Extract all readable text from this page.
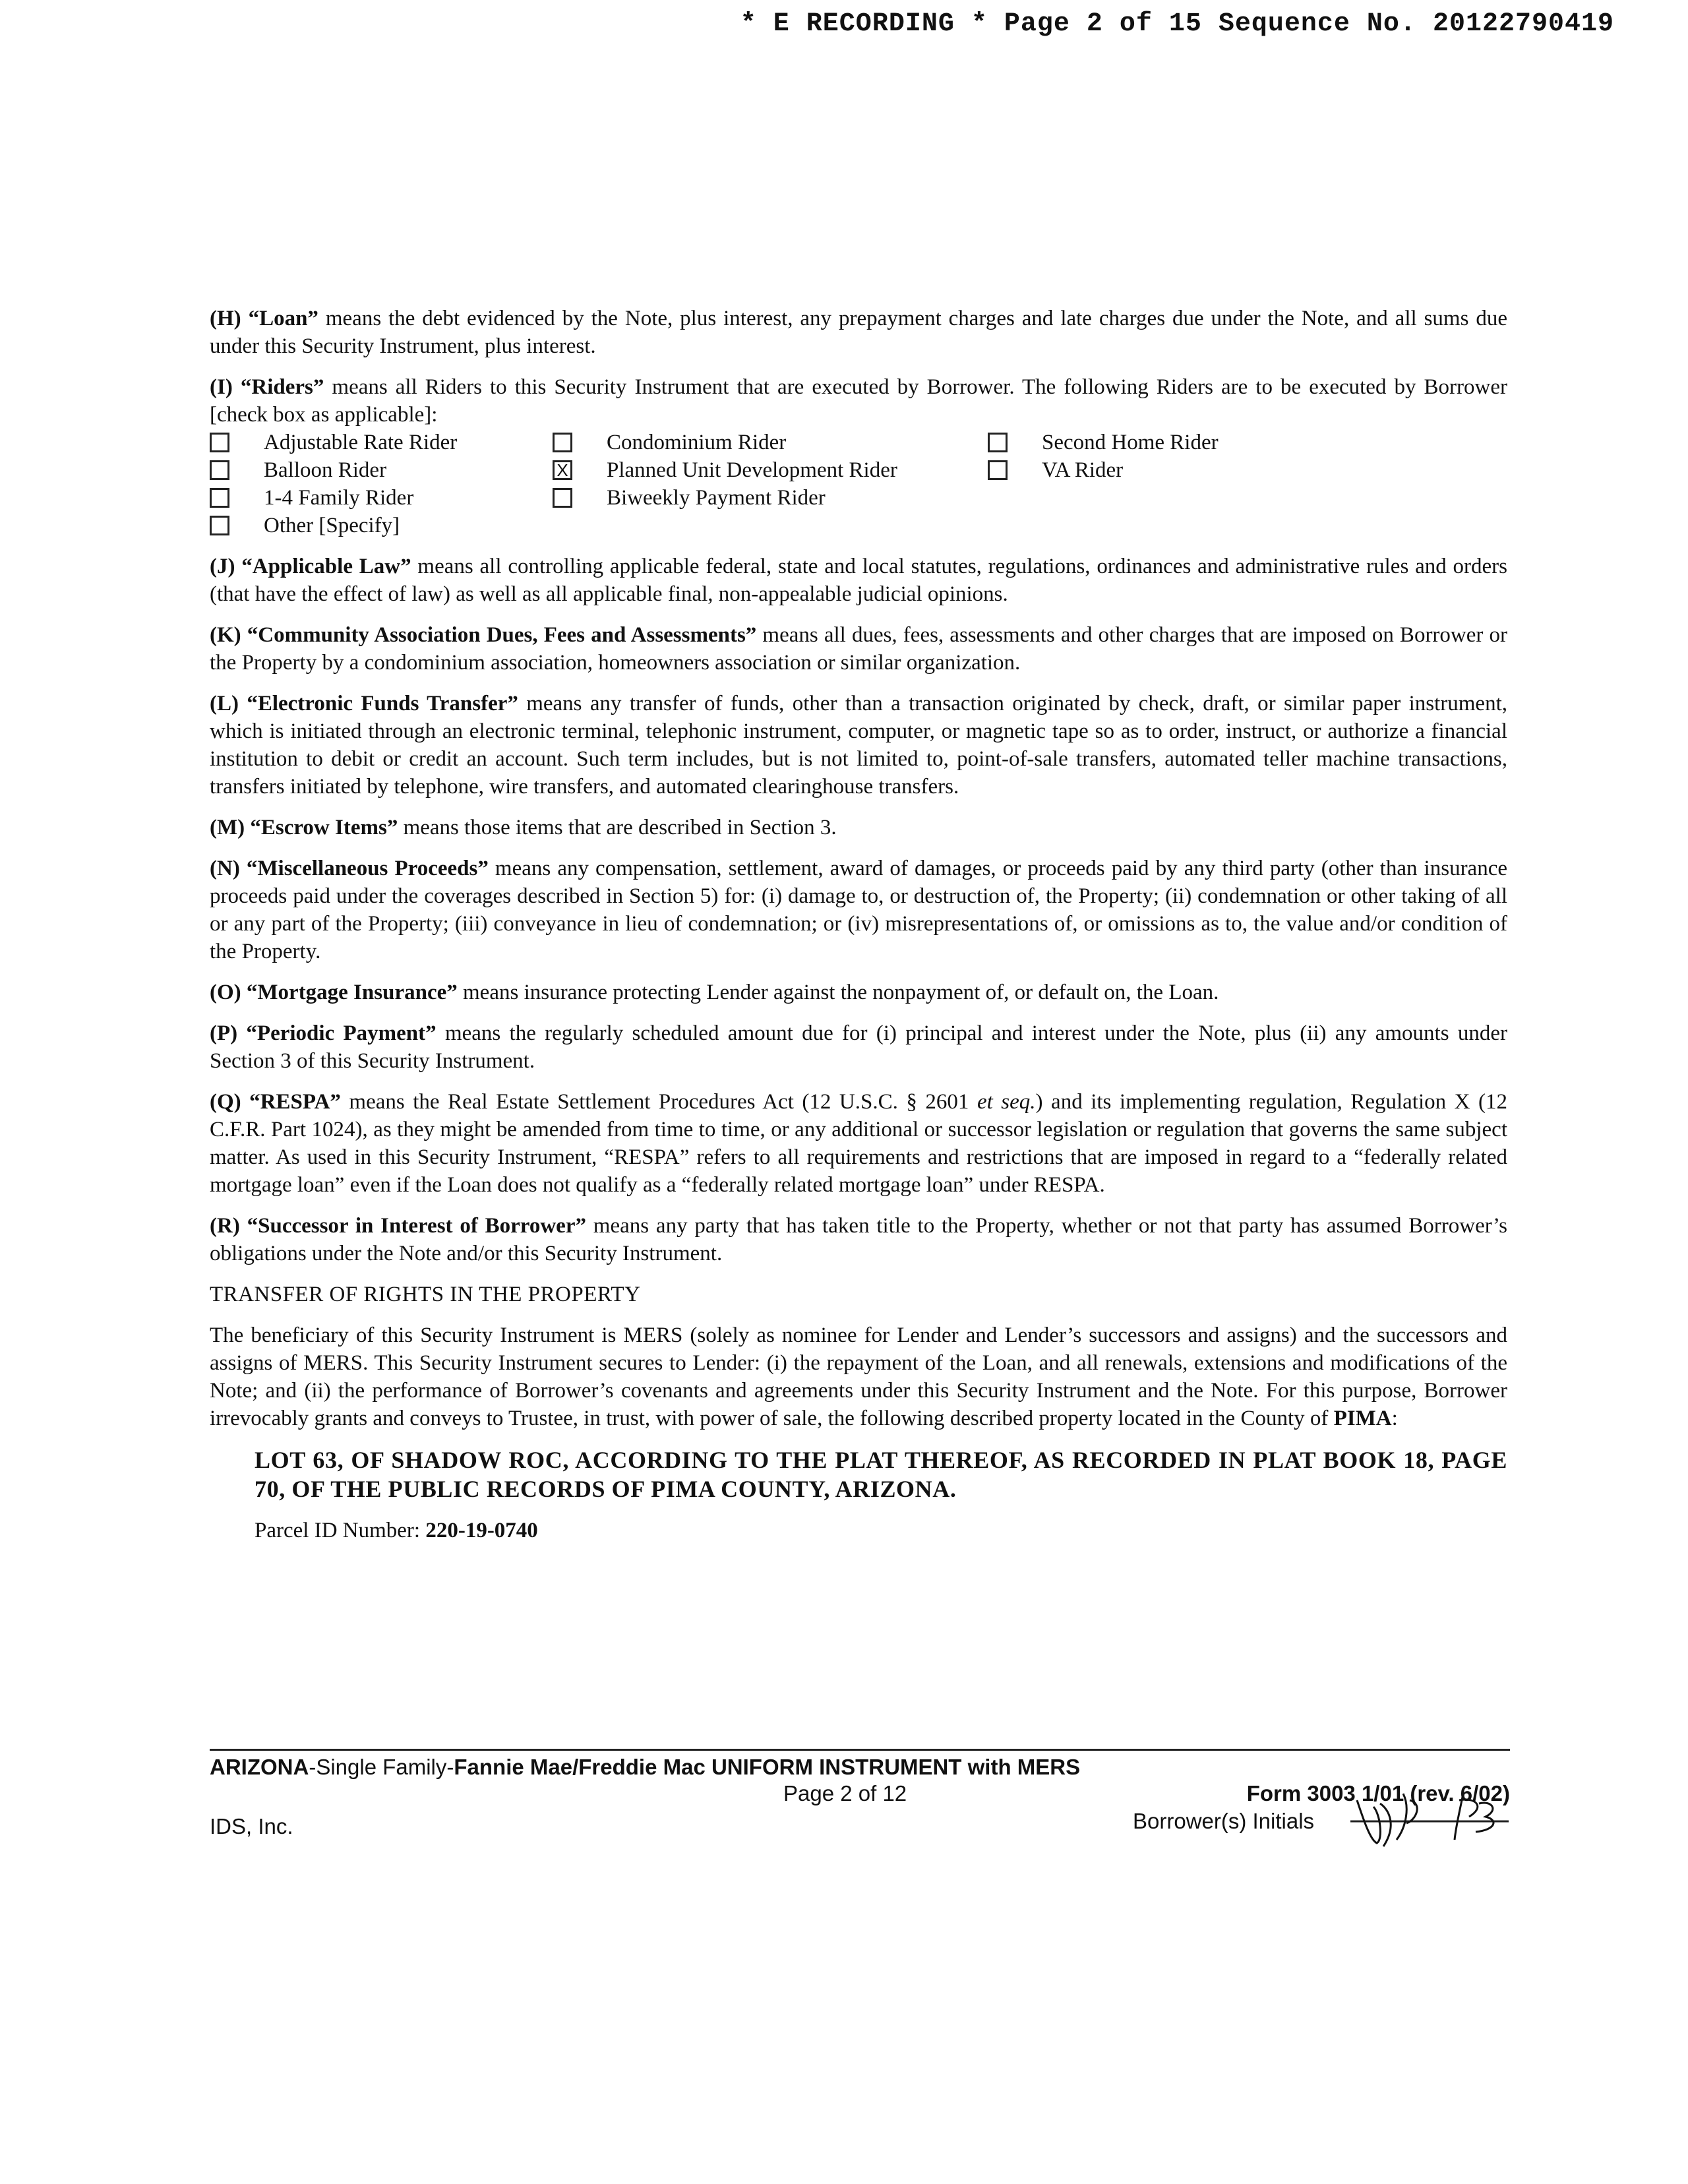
* E RECORDING * Page 2 of 15 Sequence No. 20122790419

(H) “Loan” means the debt evidenced by the Note, plus interest, any prepayment charges and late charges due under the Note, and all sums due under this Security Instrument, plus interest.

(I) “Riders” means all Riders to this Security Instrument that are executed by Borrower. The following Riders are to be executed by Borrower [check box as applicable]:

Adjustable Rate Rider	Condominium Rider	Second Home Rider
Balloon Rider	X Planned Unit Development Rider	VA Rider
1-4 Family Rider	Biweekly Payment Rider
Other [Specify]

(J) “Applicable Law” means all controlling applicable federal, state and local statutes, regulations, ordinances and administrative rules and orders (that have the effect of law) as well as all applicable final, non-appealable judicial opinions.

(K) “Community Association Dues, Fees and Assessments” means all dues, fees, assessments and other charges that are imposed on Borrower or the Property by a condominium association, homeowners association or similar organization.

(L) “Electronic Funds Transfer” means any transfer of funds, other than a transaction originated by check, draft, or similar paper instrument, which is initiated through an electronic terminal, telephonic instrument, computer, or magnetic tape so as to order, instruct, or authorize a financial institution to debit or credit an account. Such term includes, but is not limited to, point-of-sale transfers, automated teller machine transactions, transfers initiated by telephone, wire transfers, and automated clearinghouse transfers.

(M) “Escrow Items” means those items that are described in Section 3.

(N) “Miscellaneous Proceeds” means any compensation, settlement, award of damages, or proceeds paid by any third party (other than insurance proceeds paid under the coverages described in Section 5) for: (i) damage to, or destruction of, the Property; (ii) condemnation or other taking of all or any part of the Property; (iii) conveyance in lieu of condemnation; or (iv) misrepresentations of, or omissions as to, the value and/or condition of the Property.

(O) “Mortgage Insurance” means insurance protecting Lender against the nonpayment of, or default on, the Loan.

(P) “Periodic Payment” means the regularly scheduled amount due for (i) principal and interest under the Note, plus (ii) any amounts under Section 3 of this Security Instrument.

(Q) “RESPA” means the Real Estate Settlement Procedures Act (12 U.S.C. § 2601 et seq.) and its implementing regulation, Regulation X (12 C.F.R. Part 1024), as they might be amended from time to time, or any additional or successor legislation or regulation that governs the same subject matter. As used in this Security Instrument, “RESPA” refers to all requirements and restrictions that are imposed in regard to a “federally related mortgage loan” even if the Loan does not qualify as a “federally related mortgage loan” under RESPA.

(R) “Successor in Interest of Borrower” means any party that has taken title to the Property, whether or not that party has assumed Borrower’s obligations under the Note and/or this Security Instrument.

TRANSFER OF RIGHTS IN THE PROPERTY

The beneficiary of this Security Instrument is MERS (solely as nominee for Lender and Lender’s successors and assigns) and the successors and assigns of MERS. This Security Instrument secures to Lender: (i) the repayment of the Loan, and all renewals, extensions and modifications of the Note; and (ii) the performance of Borrower’s covenants and agreements under this Security Instrument and the Note. For this purpose, Borrower irrevocably grants and conveys to Trustee, in trust, with power of sale, the following described property located in the County of PIMA:

LOT 63, OF SHADOW ROC, ACCORDING TO THE PLAT THEREOF, AS RECORDED IN PLAT BOOK 18, PAGE 70, OF THE PUBLIC RECORDS OF PIMA COUNTY, ARIZONA.
Parcel ID Number: 220-19-0740
ARIZONA-Single Family-Fannie Mae/Freddie Mac UNIFORM INSTRUMENT with MERS
Page 2 of 12	Form 3003 1/01 (rev. 6/02)
IDS, Inc.	Borrower(s) Initials
